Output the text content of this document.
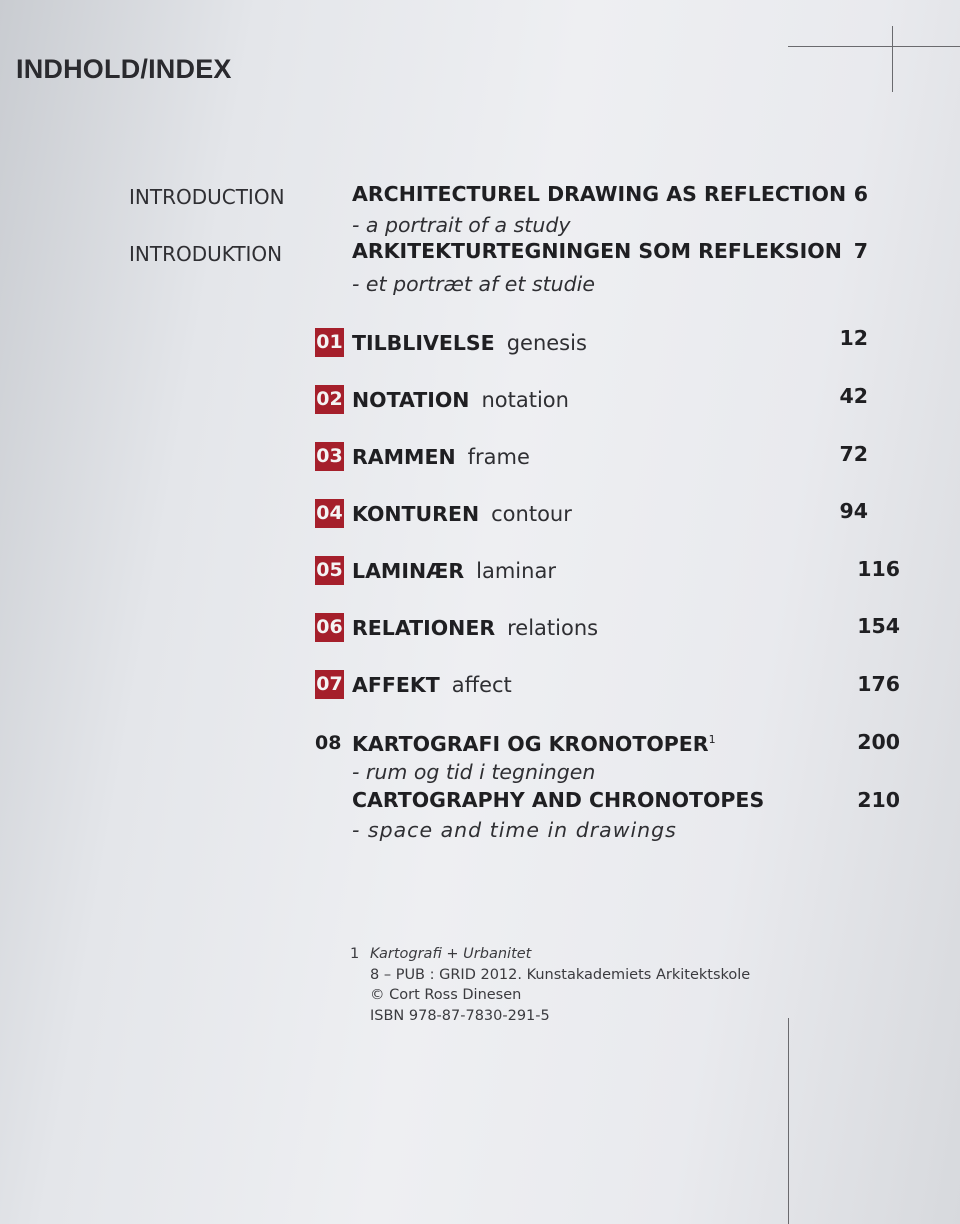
INDHOLD/INDEX
INTRODUCTION	ARCHITECTUREL DRAWING AS REFLECTION 6
- a portrait of a study
INTRODUKTION	ARKITEKTURTEGNINGEN SOM REFLEKSION 7
- et portræt af et studie
01 TILBLIVELSE genesis	12
02 NOTATION notation	42
03 RAMMEN frame	72
04 KONTUREN contour	94
05 LAMINÆR laminar	116
06 RELATIONER relations	154
07 AFFEKT affect	176
08 KARTOGRAFI OG KRONOTOPER$^1$	200
- rum og tid i tegningen
CARTOGRAPHY AND CHRONOTOPES	210
- space and time in drawings
1 Kartografi + Urbanitet
8 – PUB : GRID 2012. Kunstakademiets Arkitektskole
© Cort Ross Dinesen
ISBN 978-87-7830-291-5
